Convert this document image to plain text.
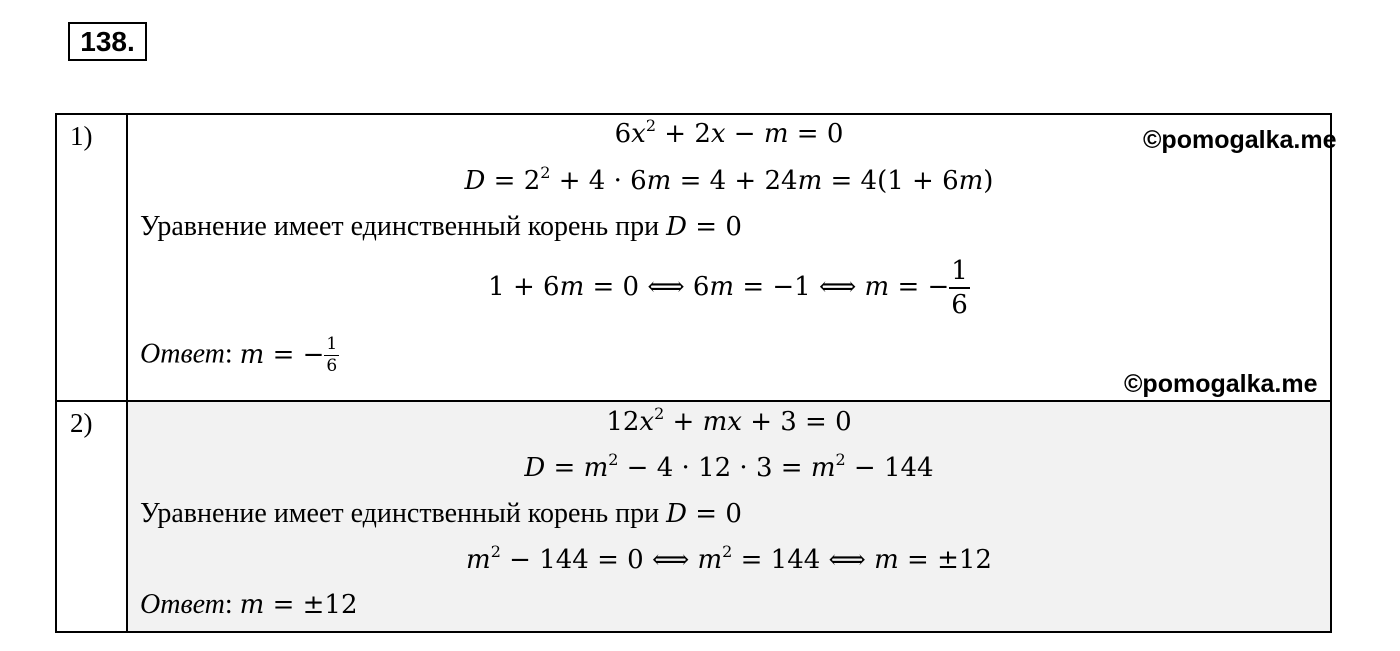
138.
1)	$6x^2 + 2x - m = 0$
$D = 2^2 + 4 \cdot 6m = 4 + 24m = 4(1 + 6m)$
Уравнение имеет единственный корень при D = 0
1 + 6m = 0 ⟺ 6m = −1 ⟺ m = − $\frac{1}{6}$
Ответ: m = − $\frac{1}{6}$
2)	$12x^2$ + mx + 3 = 0
$D = m^2 - 4 \cdot 12 \cdot 3 = m^2 - 144$
Уравнение имеет единственный корень при D = 0
$m^2 - 144 = 0$ ⟺ $m^2 = 144$ ⟺ m = ±12
Ответ: m = ±12
©pomogalka.me
©pomogalka.me
